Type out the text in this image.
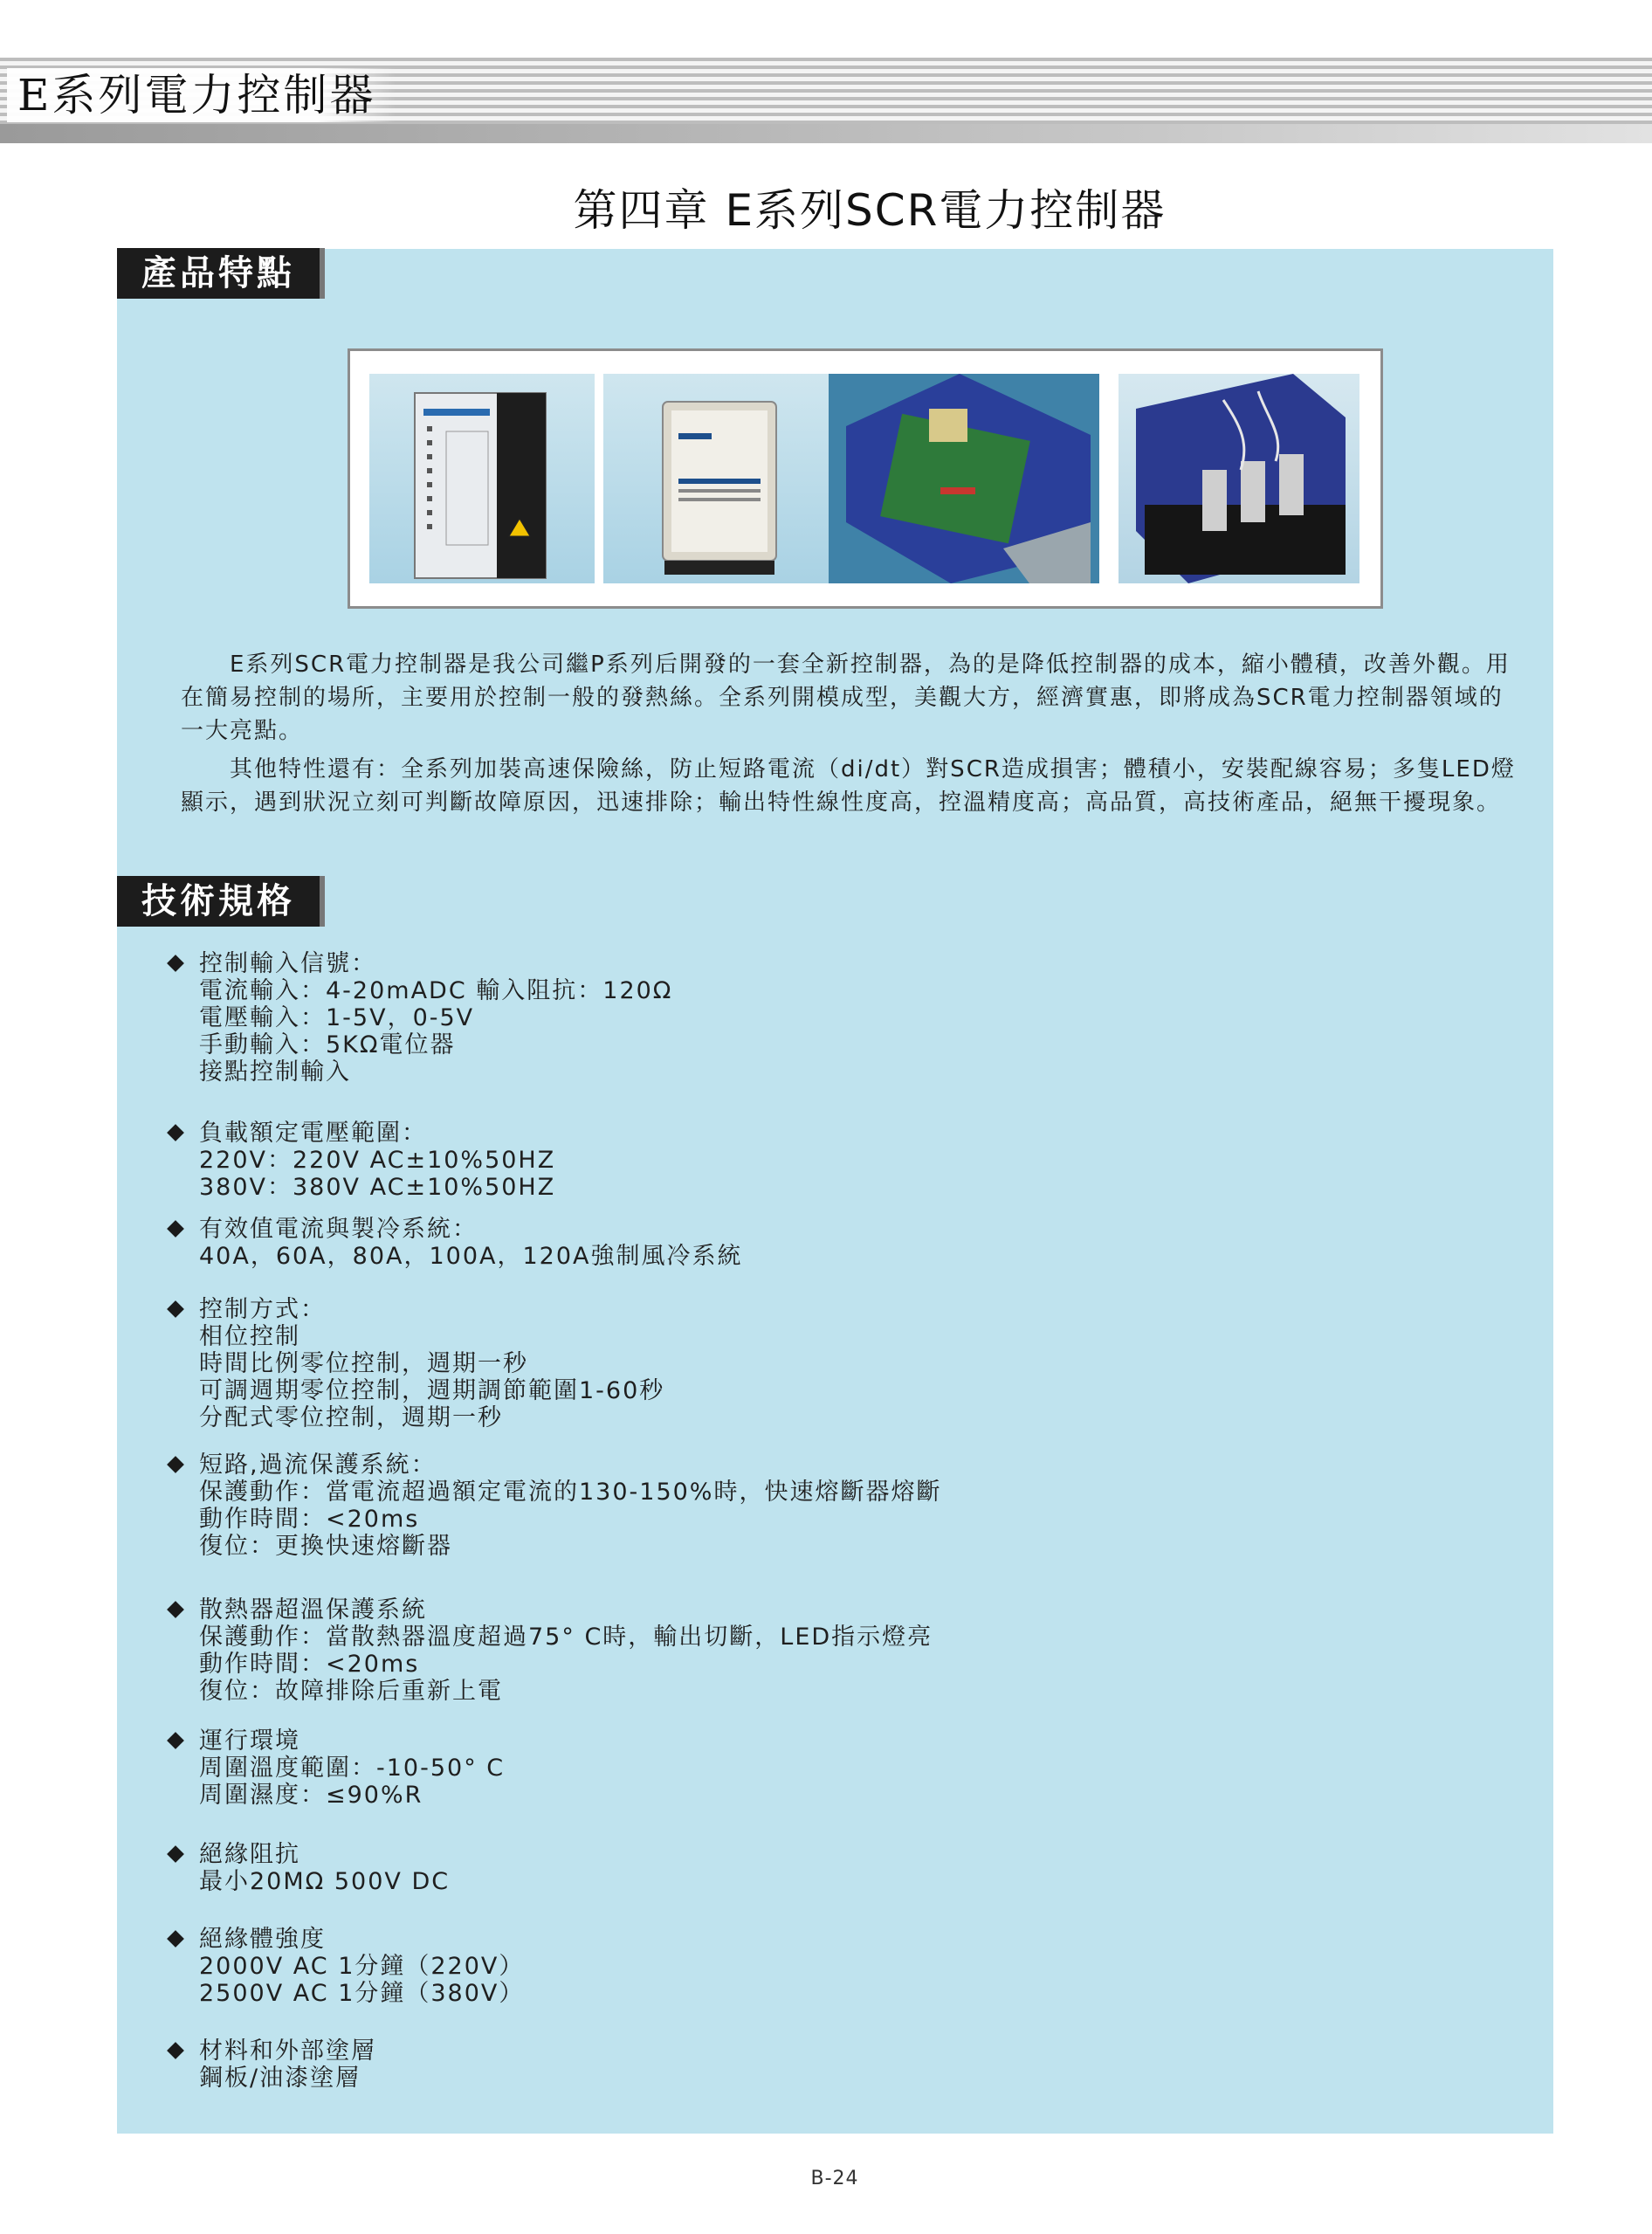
E系列電力控制器
第四章 E系列SCR電力控制器
產品特點

  E系列SCR電力控制器是我公司繼P系列后開發的一套全新控制器，為的是降低控制器的成本，縮小體積，改善外觀。用在簡易控制的場所，主要用於控制一般的發熱絲。全系列開模成型，美觀大方，經濟實惠，即將成為SCR電力控制器領域的一大亮點。

  其他特性還有：全系列加裝高速保險絲，防止短路電流（di/dt）對SCR造成損害；體積小，安裝配線容易；多隻LED燈顯示，遇到狀況立刻可判斷故障原因，迅速排除；輸出特性線性度高，控溫精度高；高品質，高技術產品，絕無干擾現象。

技術規格
控制輸入信號：
電流輸入：4-20mADC 輸入阻抗：120Ω
電壓輸入：1-5V，0-5V
手動輸入：5KΩ電位器
接點控制輸入
負載額定電壓範圍：
220V：220V AC±10%50HZ
380V：380V AC±10%50HZ
有效值電流與製冷系統：
40A，60A，80A，100A，120A強制風冷系統
控制方式：
相位控制
時間比例零位控制，週期一秒
可調週期零位控制，週期調節範圍1-60秒
分配式零位控制，週期一秒
短路,過流保護系統：
保護動作：當電流超過額定電流的130-150%時，快速熔斷器熔斷
動作時間：<20ms
復位：更換快速熔斷器
散熱器超溫保護系統
保護動作：當散熱器溫度超過75° C時，輸出切斷，LED指示燈亮
動作時間：<20ms
復位：故障排除后重新上電
運行環境
周圍溫度範圍：-10-50° C
周圍濕度：≤90%R
絕緣阻抗
最小20MΩ 500V DC
絕緣體強度
2000V AC 1分鐘（220V）
2500V AC 1分鐘（380V）
材料和外部塗層
鋼板/油漆塗層
B-24
